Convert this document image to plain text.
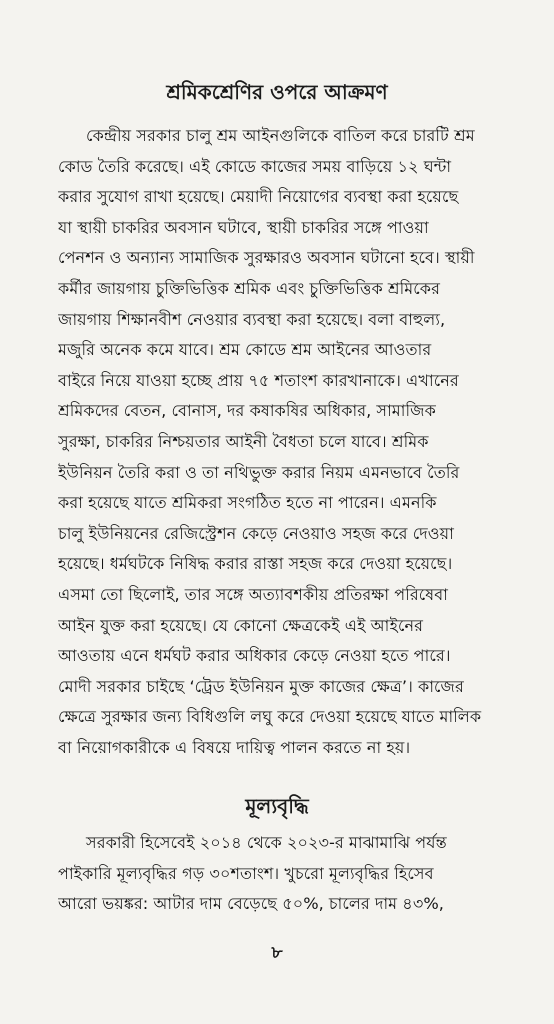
শ্রমিকশ্রেণির ওপরে আক্রমণ
কেন্দ্রীয় সরকার চালু শ্রম আইনগুলিকে বাতিল করে চারটি শ্রম
কোড তৈরি করেছে। এই কোডে কাজের সময় বাড়িয়ে ১২ ঘন্টা
করার সুযোগ রাখা হয়েছে। মেয়াদী নিয়োগের ব্যবস্থা করা হয়েছে
যা স্থায়ী চাকরির অবসান ঘটাবে, স্থায়ী চাকরির সঙ্গে পাওয়া
পেনশন ও অন্যান্য সামাজিক সুরক্ষারও অবসান ঘটানো হবে। স্থায়ী
কর্মীর জায়গায় চুক্তিভিত্তিক শ্রমিক এবং চুক্তিভিত্তিক শ্রমিকের
জায়গায় শিক্ষানবীশ নেওয়ার ব্যবস্থা করা হয়েছে। বলা বাহুল্য,
মজুরি অনেক কমে যাবে। শ্রম কোডে শ্রম আইনের আওতার
বাইরে নিয়ে যাওয়া হচ্ছে প্রায় ৭৫ শতাংশ কারখানাকে। এখানের
শ্রমিকদের বেতন, বোনাস, দর কষাকষির অধিকার, সামাজিক
সুরক্ষা, চাকরির নিশ্চয়তার আইনী বৈধতা চলে যাবে। শ্রমিক
ইউনিয়ন তৈরি করা ও তা নথিভুক্ত করার নিয়ম এমনভাবে তৈরি
করা হয়েছে যাতে শ্রমিকরা সংগঠিত হতে না পারেন। এমনকি
চালু ইউনিয়নের রেজিস্ট্রেশন কেড়ে নেওয়াও সহজ করে দেওয়া
হয়েছে। ধর্মঘটকে নিষিদ্ধ করার রাস্তা সহজ করে দেওয়া হয়েছে।
এসমা তো ছিলোই, তার সঙ্গে অত্যাবশকীয় প্রতিরক্ষা পরিষেবা
আইন যুক্ত করা হয়েছে। যে কোনো ক্ষেত্রকেই এই আইনের
আওতায় এনে ধর্মঘট করার অধিকার কেড়ে নেওয়া হতে পারে।
মোদী সরকার চাইছে ‘ট্রেড ইউনিয়ন মুক্ত কাজের ক্ষেত্র’। কাজের
ক্ষেত্রে সুরক্ষার জন্য বিধিগুলি লঘু করে দেওয়া হয়েছে যাতে মালিক
বা নিয়োগকারীকে এ বিষয়ে দায়িত্ব পালন করতে না হয়।
মূল্যবৃদ্ধি
সরকারী হিসেবেই ২০১৪ থেকে ২০২৩-র মাঝামাঝি পর্যন্ত
পাইকারি মূল্যবৃদ্ধির গড় ৩০শতাংশ। খুচরো মূল্যবৃদ্ধির হিসেব
আরো ভয়ঙ্কর: আটার দাম বেড়েছে ৫০%, চালের দাম ৪৩%,
৮
